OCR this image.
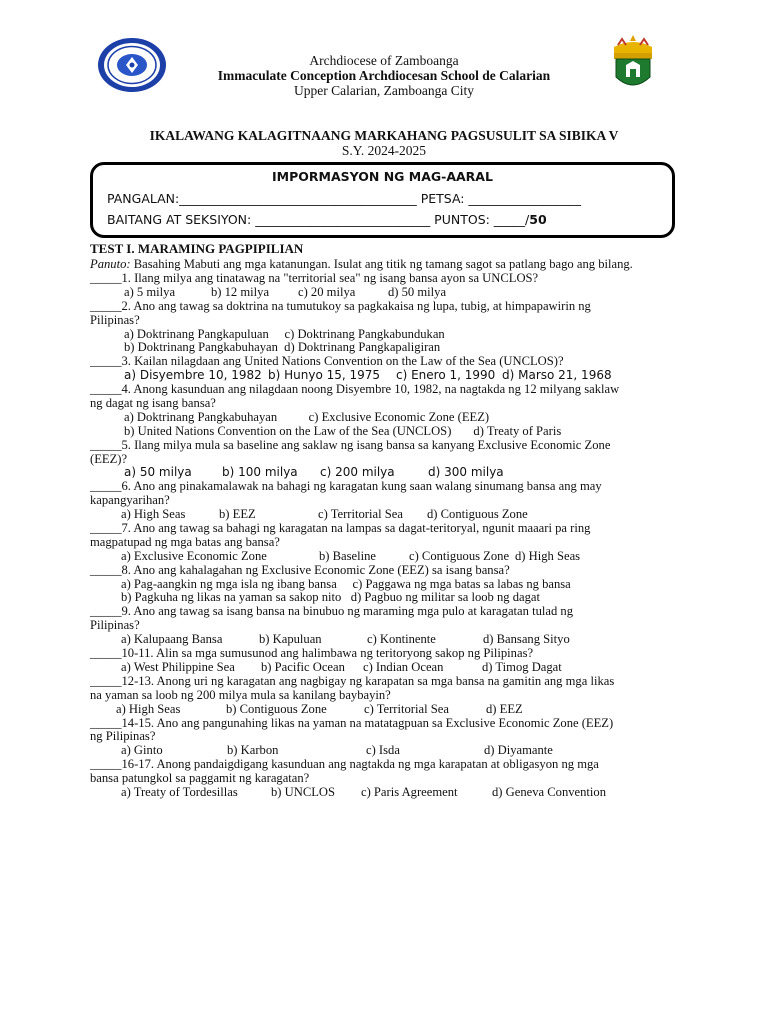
Archdiocese of Zamboanga
Immaculate Conception Archdiocesan School de Calarian
Upper Calarian, Zamboanga City
IKALAWANG KALAGITNAANG MARKAHANG PAGSUSULIT SA SIBIKA V
S.Y. 2024-2025
IMPORMASYON NG MAG-AARAL
PANGALAN:______________________________________ PETSA: __________________
BAITANG AT SEKSIYON: ____________________________ PUNTOS: _____/50
TEST I. MARAMING PAGPIPILIAN
Panuto: Basahing Mabuti ang mga katanungan. Isulat ang titik ng tamang sagot sa patlang bago ang bilang.
_____1. Ilang milya ang tinatawag na "territorial sea" ng isang bansa ayon sa UNCLOS?
a) 5 milya	b) 12 milya	c) 20 milya	d) 50 milya
_____2. Ano ang tawag sa doktrina na tumutukoy sa pagkakaisa ng lupa, tubig, at himpapawirin ng
Pilipinas?
a) Doktrinang Pangkapuluan     c) Doktrinang Pangkabundukan
b) Doktrinang Pangkabuhayan  d) Doktrinang Pangkapaligiran
_____3. Kailan nilagdaan ang United Nations Convention on the Law of the Sea (UNCLOS)?
a) Disyembre 10, 1982 b) Hunyo 15, 1975	c) Enero 1, 1990 d) Marso 21, 1968
_____4. Anong kasunduan ang nilagdaan noong Disyembre 10, 1982, na nagtakda ng 12 milyang saklaw
ng dagat ng isang bansa?
a) Doktrinang Pangkabuhayan          c) Exclusive Economic Zone (EEZ)
b) United Nations Convention on the Law of the Sea (UNCLOS)       d) Treaty of Paris
_____5. Ilang milya mula sa baseline ang saklaw ng isang bansa sa kanyang Exclusive Economic Zone
(EEZ)?
a) 50 milya	b) 100 milya	c) 200 milya	d) 300 milya
_____6. Ano ang pinakamalawak na bahagi ng karagatan kung saan walang sinumang bansa ang may
kapangyarihan?
a) High Seas	b) EEZ	c) Territorial Sea	d) Contiguous Zone
_____7. Ano ang tawag sa bahagi ng karagatan na lampas sa dagat-teritoryal, ngunit maaari pa ring
magpatupad ng mga batas ang bansa?
a) Exclusive Economic Zone	b) Baseline	c) Contiguous Zone d) High Seas
_____8. Ano ang kahalagahan ng Exclusive Economic Zone (EEZ) sa isang bansa?
a) Pag-aangkin ng mga isla ng ibang bansa     c) Paggawa ng mga batas sa labas ng bansa
b) Pagkuha ng likas na yaman sa sakop nito   d) Pagbuo ng militar sa loob ng dagat
_____9. Ano ang tawag sa isang bansa na binubuo ng maraming mga pulo at karagatan tulad ng
Pilipinas?
a) Kalupaang Bansa	b) Kapuluan	c) Kontinente	d) Bansang Sityo
_____10-11. Alin sa mga sumusunod ang halimbawa ng teritoryong sakop ng Pilipinas?
a) West Philippine Sea	b) Pacific Ocean	c) Indian Ocean	d) Timog Dagat
_____12-13. Anong uri ng karagatan ang nagbigay ng karapatan sa mga bansa na gamitin ang mga likas
na yaman sa loob ng 200 milya mula sa kanilang baybayin?
a) High Seas	b) Contiguous Zone	c) Territorial Sea	d) EEZ
_____14-15. Ano ang pangunahing likas na yaman na matatagpuan sa Exclusive Economic Zone (EEZ)
ng Pilipinas?
a) Ginto	b) Karbon	c) Isda	d) Diyamante
_____16-17. Anong pandaigdigang kasunduan ang nagtakda ng mga karapatan at obligasyon ng mga
bansa patungkol sa paggamit ng karagatan?
a) Treaty of Tordesillas	b) UNCLOS	c) Paris Agreement	d) Geneva Convention
